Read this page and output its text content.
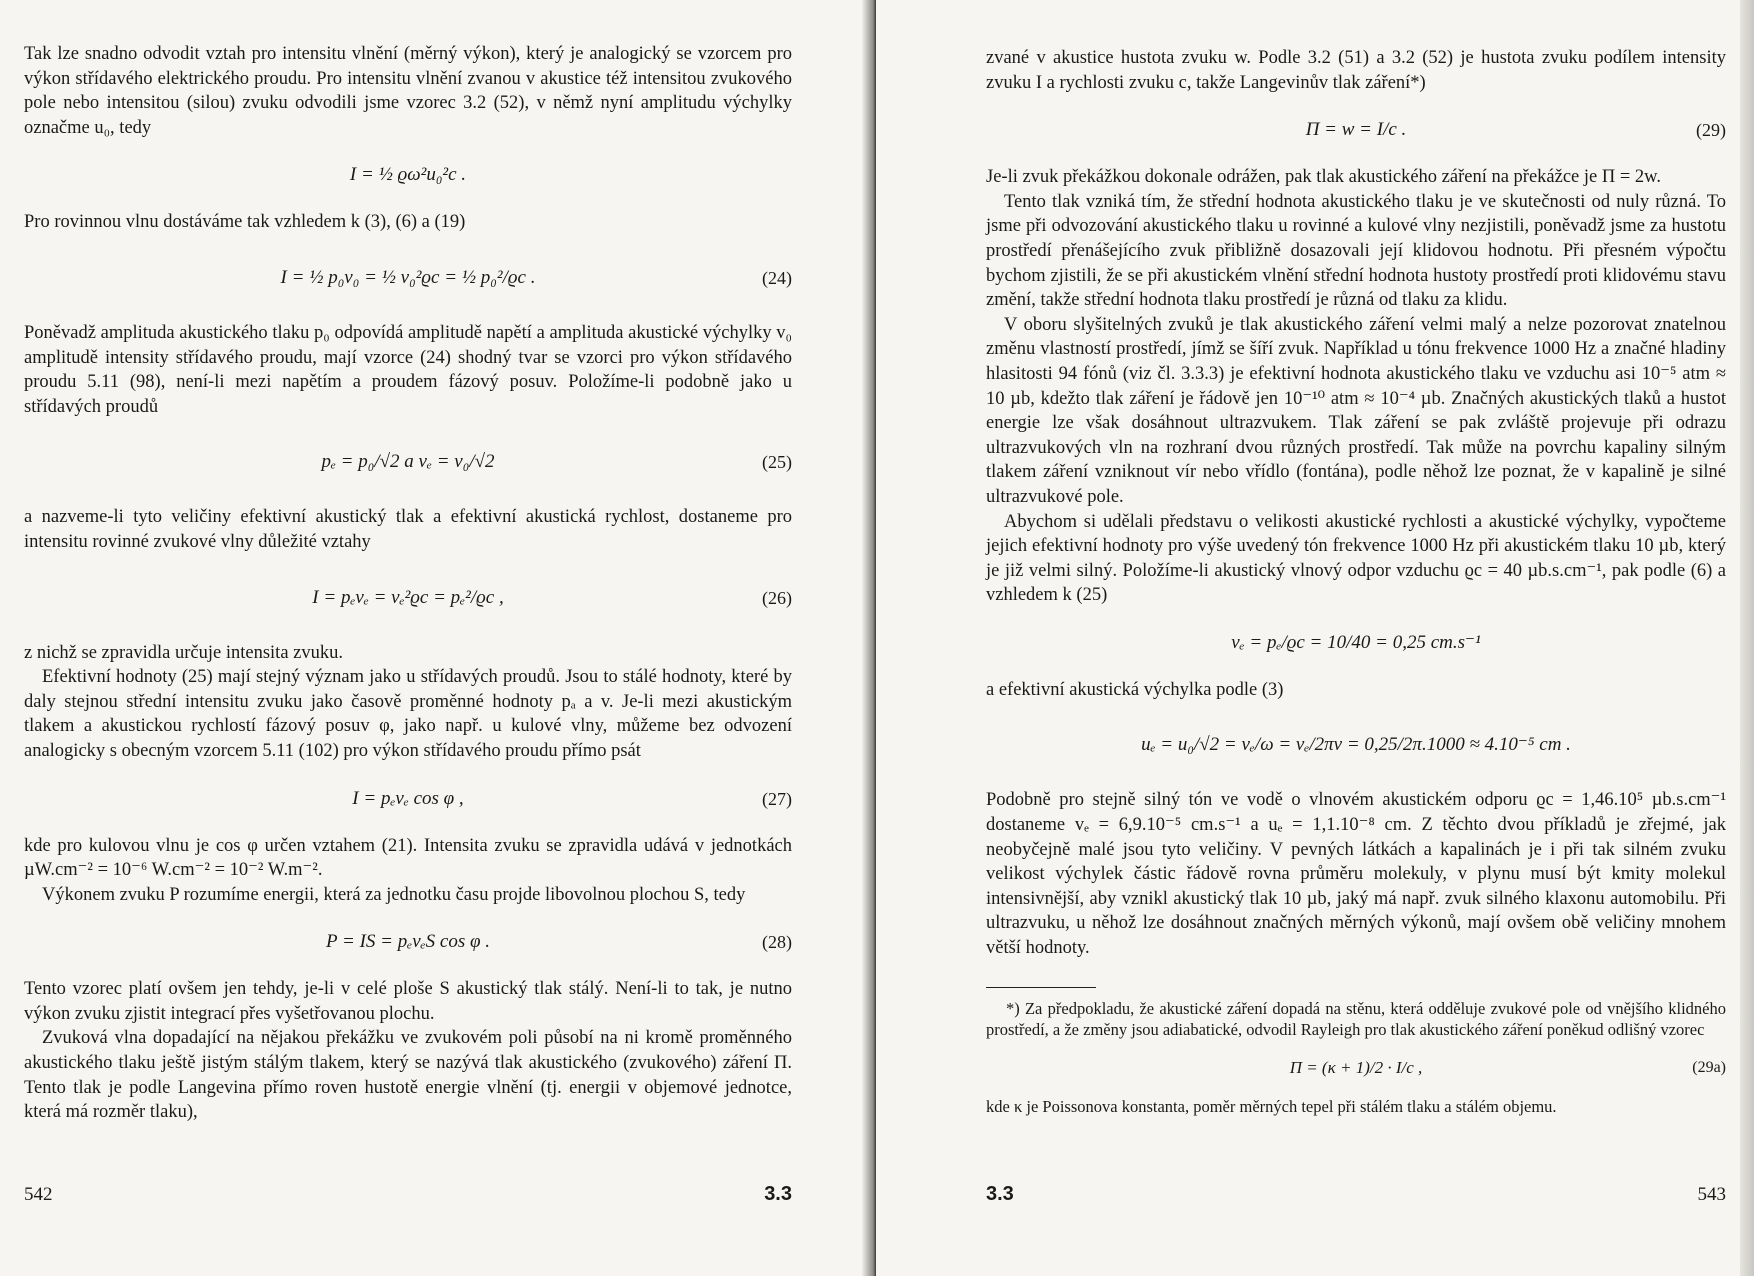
Tak lze snadno odvodit vztah pro intensitu vlnění (měrný výkon), který je analogický se vzorcem pro výkon střídavého elektrického proudu. Pro intensitu vlnění zvanou v akustice též intensitou zvukového pole nebo intensitou (silou) zvuku odvodili jsme vzorec 3.2 (52), v němž nyní amplitudu výchylky označme u₀, tedy

I = ½ ϱω²u₀²c .

Pro rovinnou vlnu dostáváme tak vzhledem k (3), (6) a (19)

I = ½ p₀v₀ = ½ v₀²ϱc = ½ p₀²/ϱc .	(24)

Poněvadž amplituda akustického tlaku p₀ odpovídá amplitudě napětí a amplituda akustické výchylky v₀ amplitudě intensity střídavého proudu, mají vzorce (24) shodný tvar se vzorci pro výkon střídavého proudu 5.11 (98), není-li mezi napětím a proudem fázový posuv. Položíme-li podobně jako u střídavých proudů

pₑ = p₀/√2 a vₑ = v₀/√2	(25)

a nazveme-li tyto veličiny efektivní akustický tlak a efektivní akustická rychlost, dostaneme pro intensitu rovinné zvukové vlny důležité vztahy

I = pₑvₑ = vₑ²ϱc = pₑ²/ϱc ,	(26)

z nichž se zpravidla určuje intensita zvuku.

Efektivní hodnoty (25) mají stejný význam jako u střídavých proudů. Jsou to stálé hodnoty, které by daly stejnou střední intensitu zvuku jako časově proměnné hodnoty pₐ a v. Je-li mezi akustickým tlakem a akustickou rychlostí fázový posuv φ, jako např. u kulové vlny, můžeme bez odvození analogicky s obecným vzorcem 5.11 (102) pro výkon střídavého proudu přímo psát

I = pₑvₑ cos φ ,	(27)

kde pro kulovou vlnu je cos φ určen vztahem (21). Intensita zvuku se zpravidla udává v jednotkách µW.cm⁻² = 10⁻⁶ W.cm⁻² = 10⁻² W.m⁻².

Výkonem zvuku P rozumíme energii, která za jednotku času projde libovolnou plochou S, tedy

P = IS = pₑvₑS cos φ .	(28)

Tento vzorec platí ovšem jen tehdy, je-li v celé ploše S akustický tlak stálý. Není-li to tak, je nutno výkon zvuku zjistit integrací přes vyšetřovanou plochu.

Zvuková vlna dopadající na nějakou překážku ve zvukovém poli působí na ni kromě proměnného akustického tlaku ještě jistým stálým tlakem, který se nazývá tlak akustického (zvukového) záření Π. Tento tlak je podle Langevina přímo roven hustotě energie vlnění (tj. energii v objemové jednotce, která má rozměr tlaku),

542	3.3

zvané v akustice hustota zvuku w. Podle 3.2 (51) a 3.2 (52) je hustota zvuku podílem intensity zvuku I a rychlosti zvuku c, takže Langevinův tlak záření*)

Π = w = I/c .	(29)

Je-li zvuk překážkou dokonale odrážen, pak tlak akustického záření na překážce je Π = 2w.

Tento tlak vzniká tím, že střední hodnota akustického tlaku je ve skutečnosti od nuly různá. To jsme při odvozování akustického tlaku u rovinné a kulové vlny nezjistili, poněvadž jsme za hustotu prostředí přenášejícího zvuk přibližně dosazovali její klidovou hodnotu. Při přesném výpočtu bychom zjistili, že se při akustickém vlnění střední hodnota hustoty prostředí proti klidovému stavu změní, takže střední hodnota tlaku prostředí je různá od tlaku za klidu.

V oboru slyšitelných zvuků je tlak akustického záření velmi malý a nelze pozorovat znatelnou změnu vlastností prostředí, jímž se šíří zvuk. Například u tónu frekvence 1000 Hz a značné hladiny hlasitosti 94 fónů (viz čl. 3.3.3) je efektivní hodnota akustického tlaku ve vzduchu asi 10⁻⁵ atm ≈ 10 µb, kdežto tlak záření je řádově jen 10⁻¹⁰ atm ≈ 10⁻⁴ µb. Značných akustických tlaků a hustot energie lze však dosáhnout ultrazvukem. Tlak záření se pak zvláště projevuje při odrazu ultrazvukových vln na rozhraní dvou různých prostředí. Tak může na povrchu kapaliny silným tlakem záření vzniknout vír nebo vřídlo (fontána), podle něhož lze poznat, že v kapalině je silné ultrazvukové pole.

Abychom si udělali představu o velikosti akustické rychlosti a akustické výchylky, vypočteme jejich efektivní hodnoty pro výše uvedený tón frekvence 1000 Hz při akustickém tlaku 10 µb, který je již velmi silný. Položíme-li akustický vlnový odpor vzduchu ϱc = 40 µb.s.cm⁻¹, pak podle (6) a vzhledem k (25)

vₑ = pₑ/ϱc = 10/40 = 0,25 cm.s⁻¹

a efektivní akustická výchylka podle (3)

uₑ = u₀/√2 = vₑ/ω = vₑ/2πν = 0,25/2π.1000 ≈ 4.10⁻⁵ cm .

Podobně pro stejně silný tón ve vodě o vlnovém akustickém odporu ϱc = 1,46.10⁵ µb.s.cm⁻¹ dostaneme vₑ = 6,9.10⁻⁵ cm.s⁻¹ a uₑ = 1,1.10⁻⁸ cm. Z těchto dvou příkladů je zřejmé, jak neobyčejně malé jsou tyto veličiny. V pevných látkách a kapalinách je i při tak silném zvuku velikost výchylek částic řádově rovna průměru molekuly, v plynu musí být kmity molekul intensivnější, aby vznikl akustický tlak 10 µb, jaký má např. zvuk silného klaxonu automobilu. Při ultrazvuku, u něhož lze dosáhnout značných měrných výkonů, mají ovšem obě veličiny mnohem větší hodnoty.

*) Za předpokladu, že akustické záření dopadá na stěnu, která odděluje zvukové pole od vnějšího klidného prostředí, a že změny jsou adiabatické, odvodil Rayleigh pro tlak akustického záření poněkud odlišný vzorec

Π = (κ + 1)/2 · I/c ,	(29a)

kde κ je Poissonova konstanta, poměr měrných tepel při stálém tlaku a stálém objemu.

3.3	543
